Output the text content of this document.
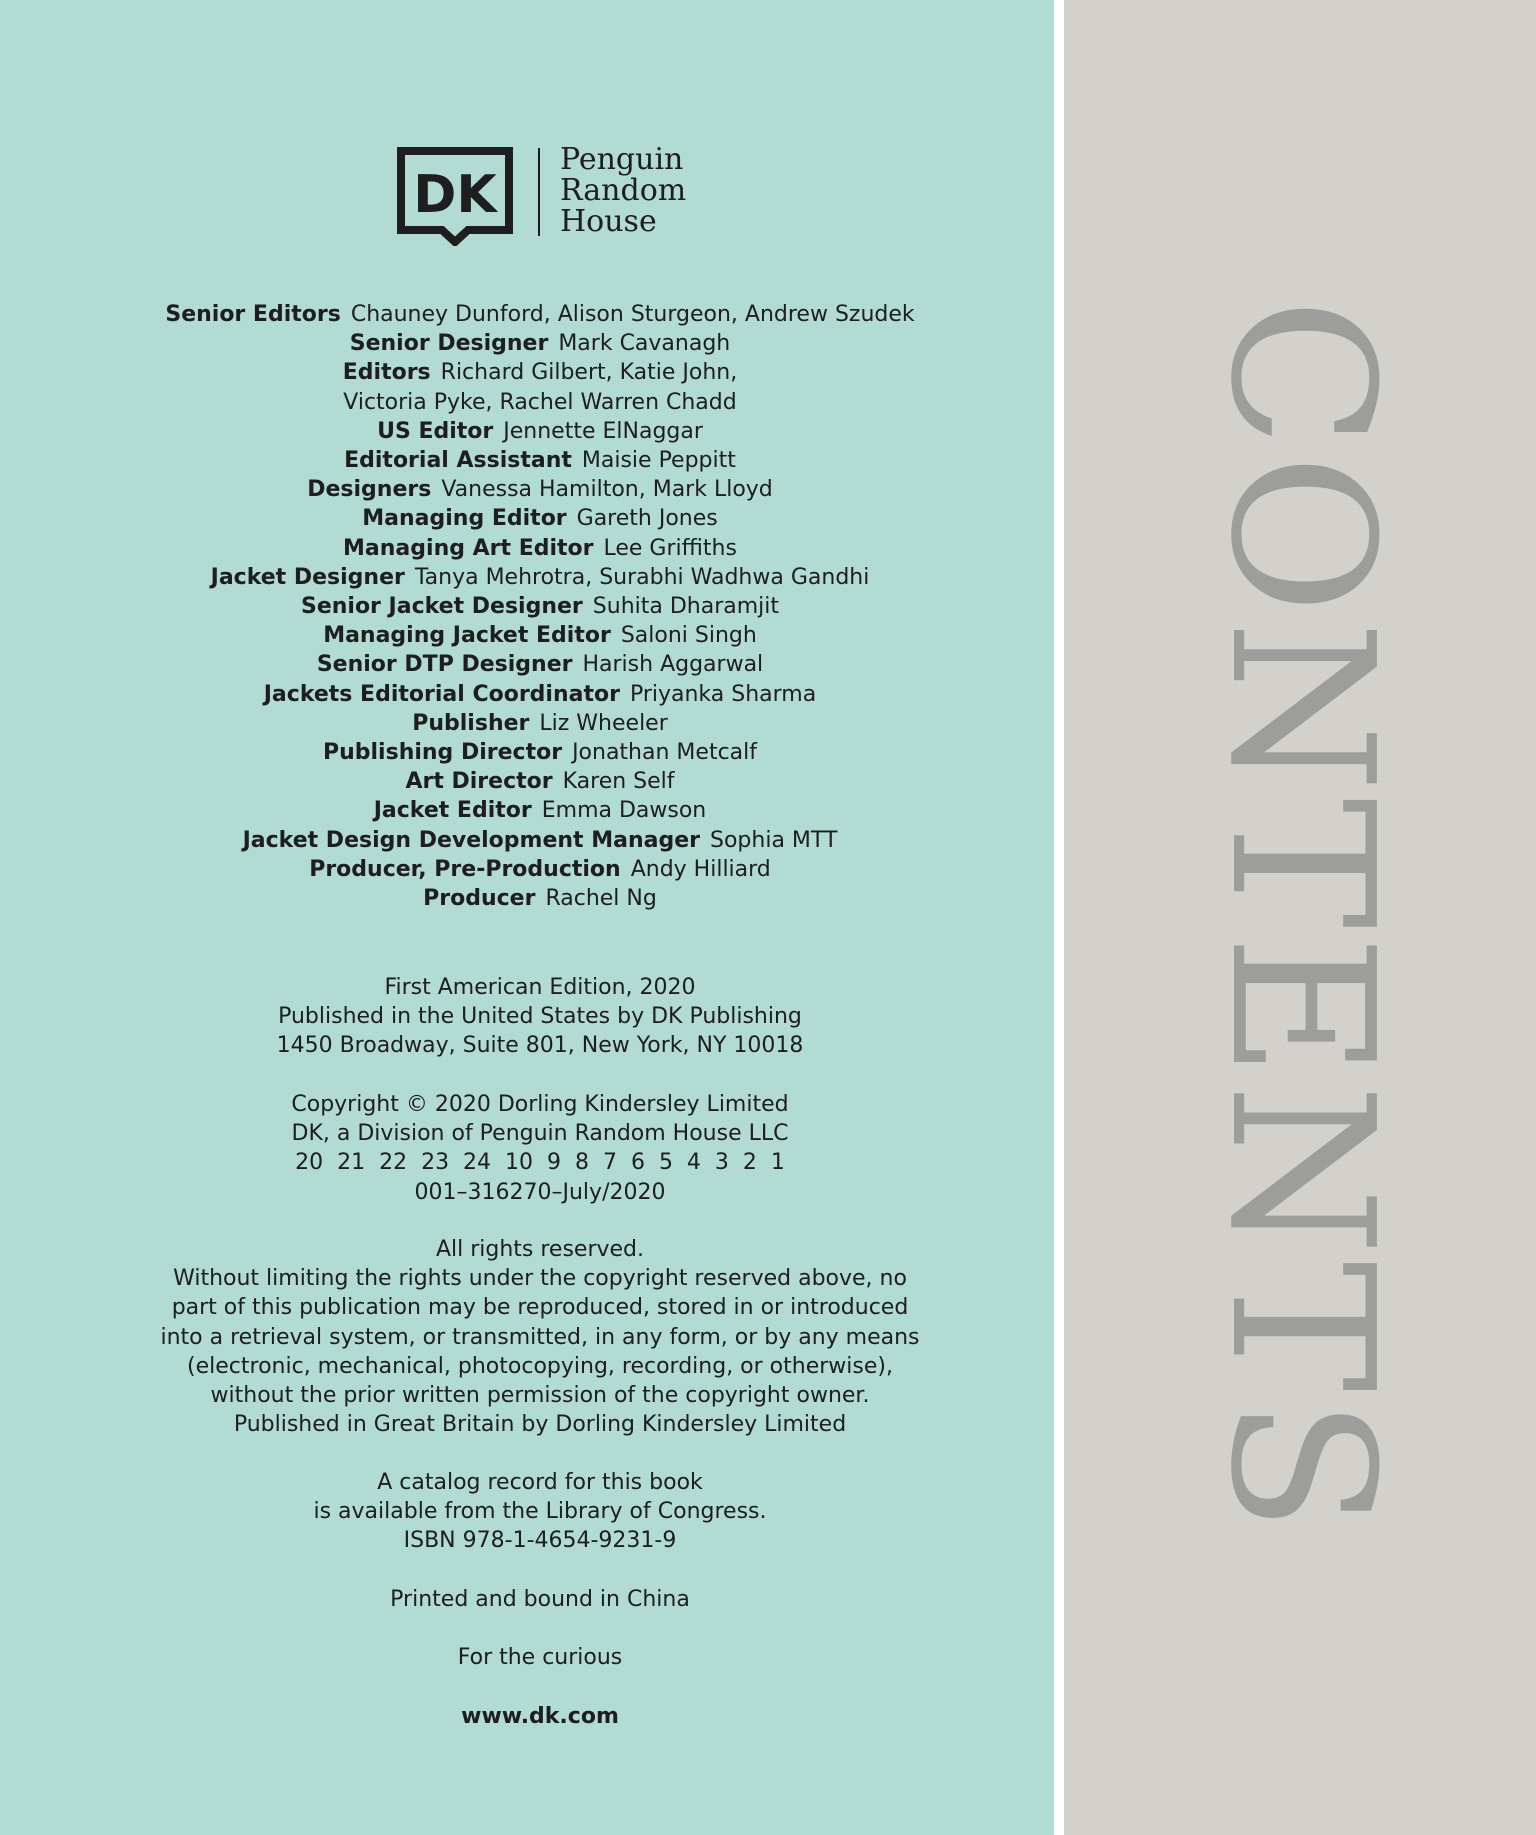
DK
Penguin
Random
House
Senior Editors Chauney Dunford, Alison Sturgeon, Andrew Szudek
Senior Designer Mark Cavanagh
Editors Richard Gilbert, Katie John,
Victoria Pyke, Rachel Warren Chadd
US Editor Jennette ElNaggar
Editorial Assistant Maisie Peppitt
Designers Vanessa Hamilton, Mark Lloyd
Managing Editor Gareth Jones
Managing Art Editor Lee Griffiths
Jacket Designer Tanya Mehrotra, Surabhi Wadhwa Gandhi
Senior Jacket Designer Suhita Dharamjit
Managing Jacket Editor Saloni Singh
Senior DTP Designer Harish Aggarwal
Jackets Editorial Coordinator Priyanka Sharma
Publisher Liz Wheeler
Publishing Director Jonathan Metcalf
Art Director Karen Self
Jacket Editor Emma Dawson
Jacket Design Development Manager Sophia MTT
Producer, Pre-Production Andy Hilliard
Producer Rachel Ng
First American Edition, 2020
Published in the United States by DK Publishing
1450 Broadway, Suite 801, New York, NY 10018
Copyright © 2020 Dorling Kindersley Limited
DK, a Division of Penguin Random House LLC
20  21  22  23  24  10  9  8  7  6  5  4  3  2  1
001–316270–July/2020
All rights reserved.
Without limiting the rights under the copyright reserved above, no
part of this publication may be reproduced, stored in or introduced
into a retrieval system, or transmitted, in any form, or by any means
(electronic, mechanical, photocopying, recording, or otherwise),
without the prior written permission of the copyright owner.
Published in Great Britain by Dorling Kindersley Limited
A catalog record for this book
is available from the Library of Congress.
ISBN 978-1-4654-9231-9
Printed and bound in China
For the curious
www.dk.com
CONTENTS
